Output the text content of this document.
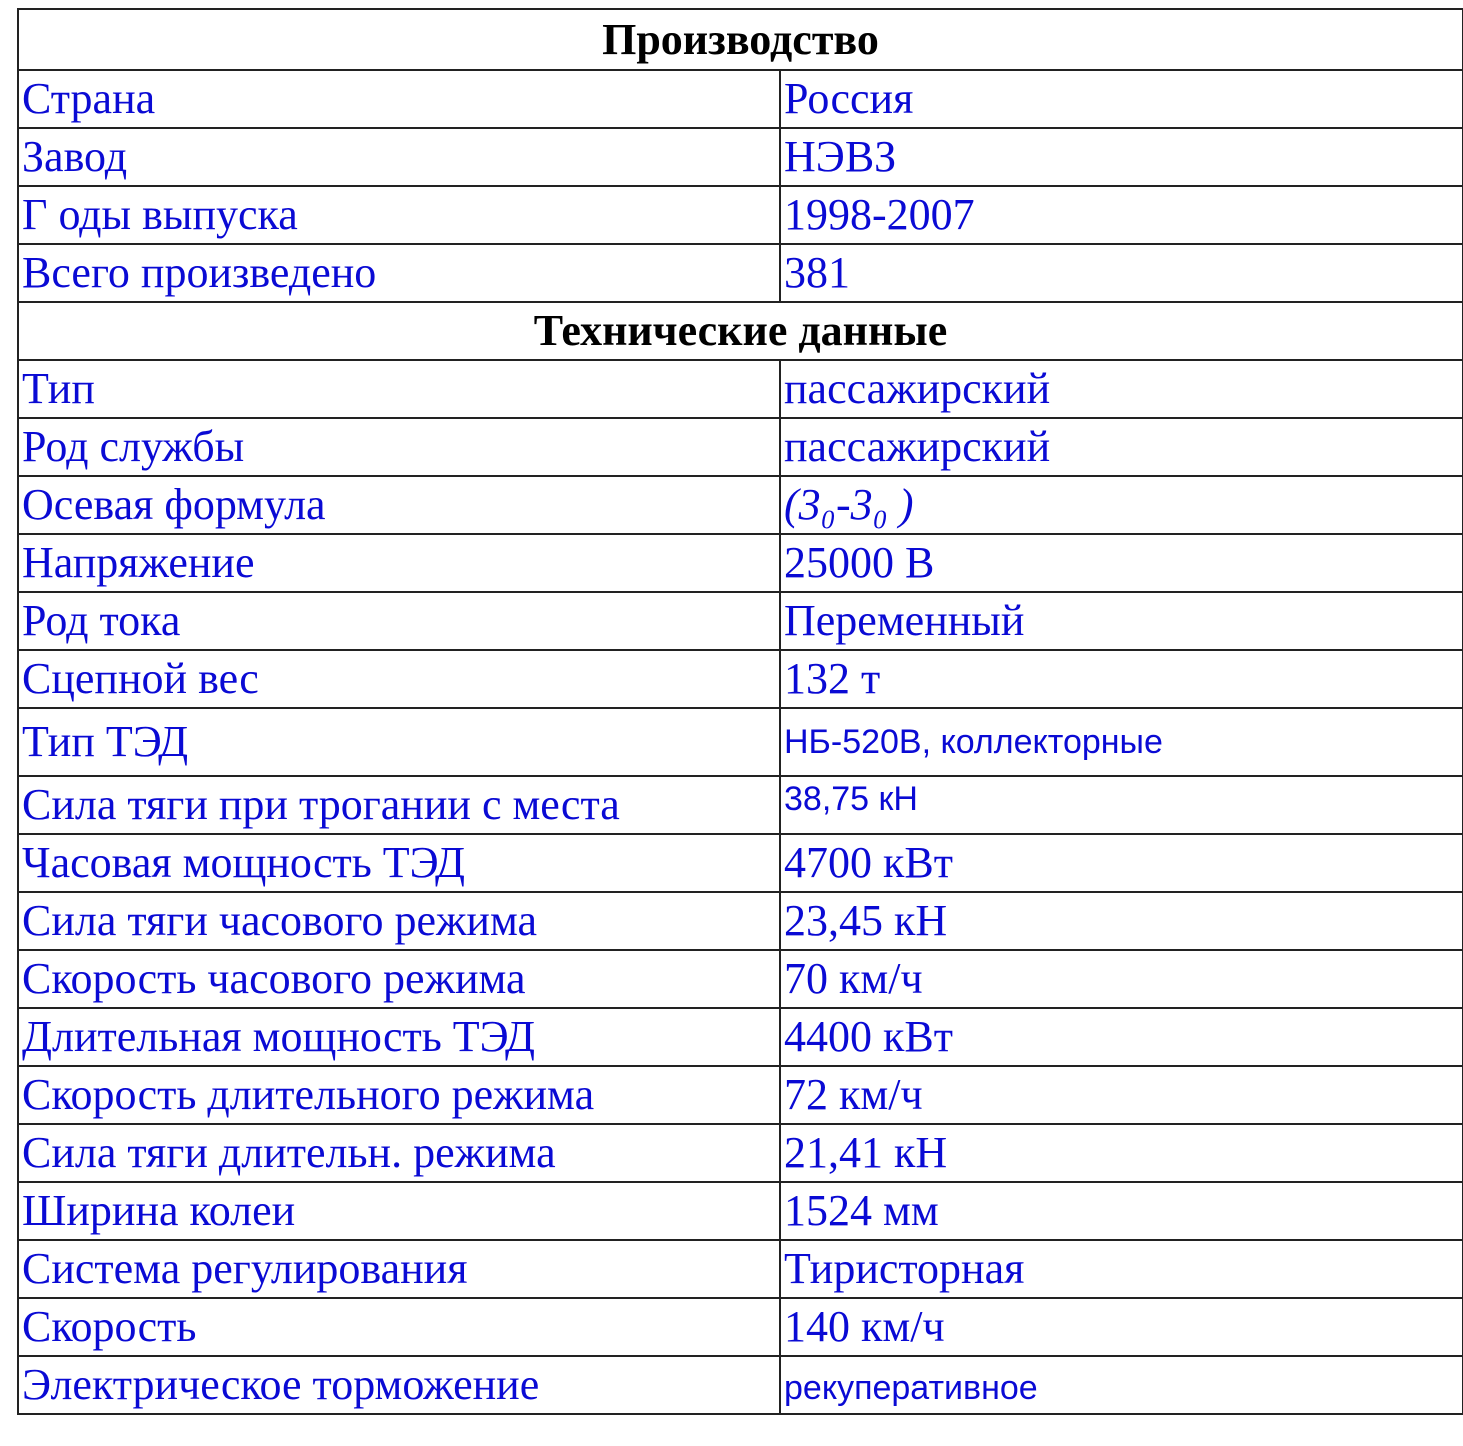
Производство	
Страна	Россия
Завод	НЭВЗ
Г оды выпуска	1998-2007
Всего произведено	381
Технические данные	
Тип	пассажирский
Род службы	пассажирский
Осевая формула	(3₀-3₀ )
Напряжение	25000 В
Род тока	Переменный
Сцепной вес	132 т
Тип ТЭД	НБ-520В, коллекторные
Сила тяги при трогании с места	38,75 кН
Часовая мощность ТЭД	4700 кВт
Сила тяги часового режима	23,45 кН
Скорость часового режима	70 км/ч
Длительная мощность ТЭД	4400 кВт
Скорость длительного режима	72 км/ч
Сила тяги длительн. режима	21,41 кН
Ширина колеи	1524 мм
Система регулирования	Тиристорная
Скорость	140 км/ч
Электрическое торможение	рекуперативное
